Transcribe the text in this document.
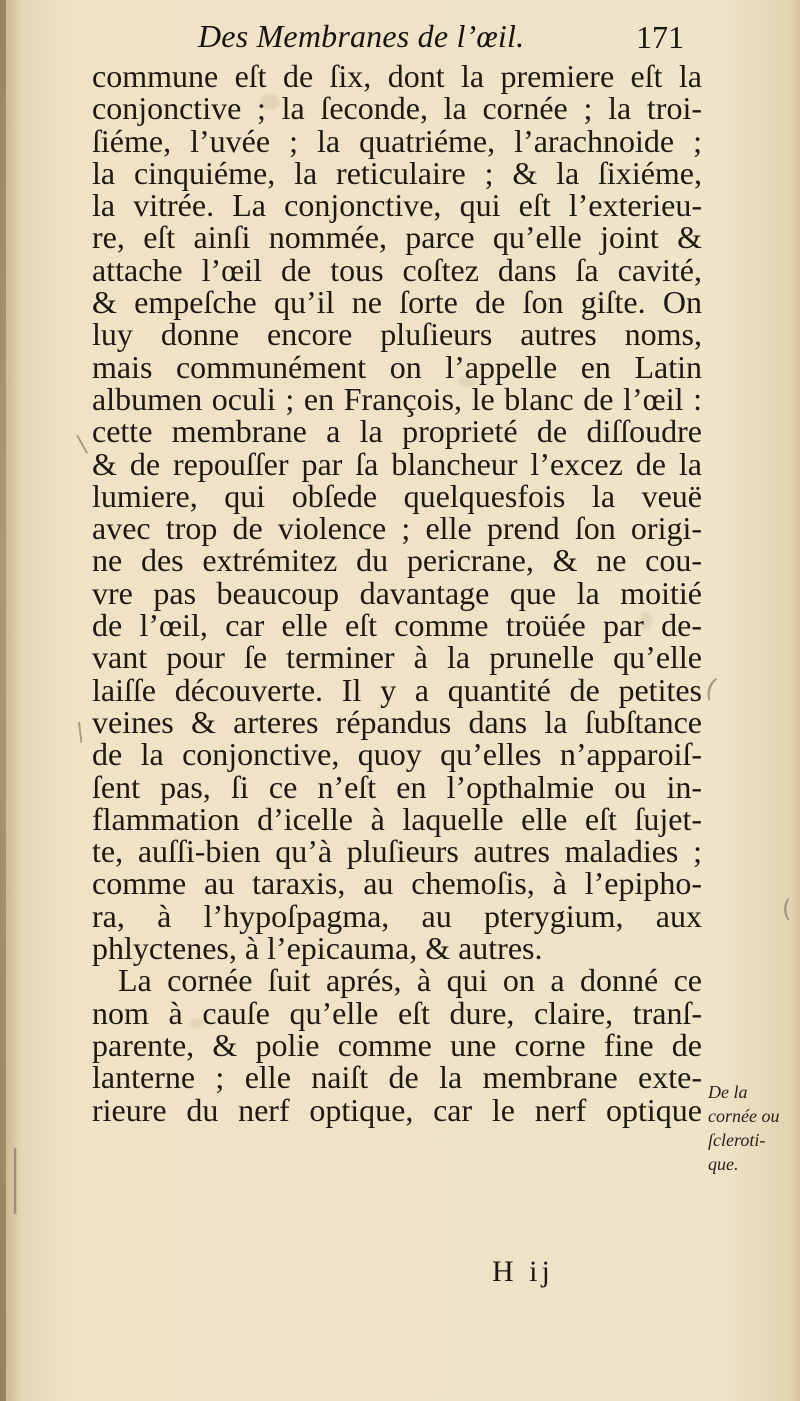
Des Membranes de l’œil.	171
commune eſt de ſix, dont la premiere eſt la
conjonctive ; la ſeconde, la cornée ; la troi-
ſiéme, l’uvée ; la quatriéme, l’arachnoide ;
la cinquiéme, la reticulaire ; & la ſixiéme,
la vitrée. La conjonctive, qui eſt l’exterieu-
re, eſt ainſi nommée, parce qu’elle joint &
attache l’œil de tous coſtez dans ſa cavité,
& empeſche qu’il ne ſorte de ſon giſte. On
luy donne encore pluſieurs autres noms,
mais communément on l’appelle en Latin
albumen oculi ; en François, le blanc de l’œil :
cette membrane a la proprieté de diſſoudre
& de repouſſer par ſa blancheur l’excez de la
lumiere, qui obſede quelquesfois la veuë
avec trop de violence ; elle prend ſon origi-
ne des extrémitez du pericrane, & ne cou-
vre pas beaucoup davantage que la moitié
de l’œil, car elle eſt comme troüée par de-
vant pour ſe terminer à la prunelle qu’elle
laiſſe découverte. Il y a quantité de petites
veines & arteres répandus dans la ſubſtance
de la conjonctive, quoy qu’elles n’apparoiſ-
ſent pas, ſi ce n’eſt en l’opthalmie ou in-
flammation d’icelle à laquelle elle eſt ſujet-
te, auſſi-bien qu’à pluſieurs autres maladies ;
comme au taraxis, au chemoſis, à l’epipho-
ra, à l’hypoſpagma, au pterygium, aux
phlyctenes, à l’epicauma, & autres.
La cornée ſuit aprés, à qui on a donné ce
nom à cauſe qu’elle eſt dure, claire, tranſ-
parente, & polie comme une corne fine de
lanterne ; elle naiſt de la membrane exte-
rieure du nerf optique, car le nerf optique De la
cornée ou
ſcleroti-
que.
H ij
\
(
/
(
|
